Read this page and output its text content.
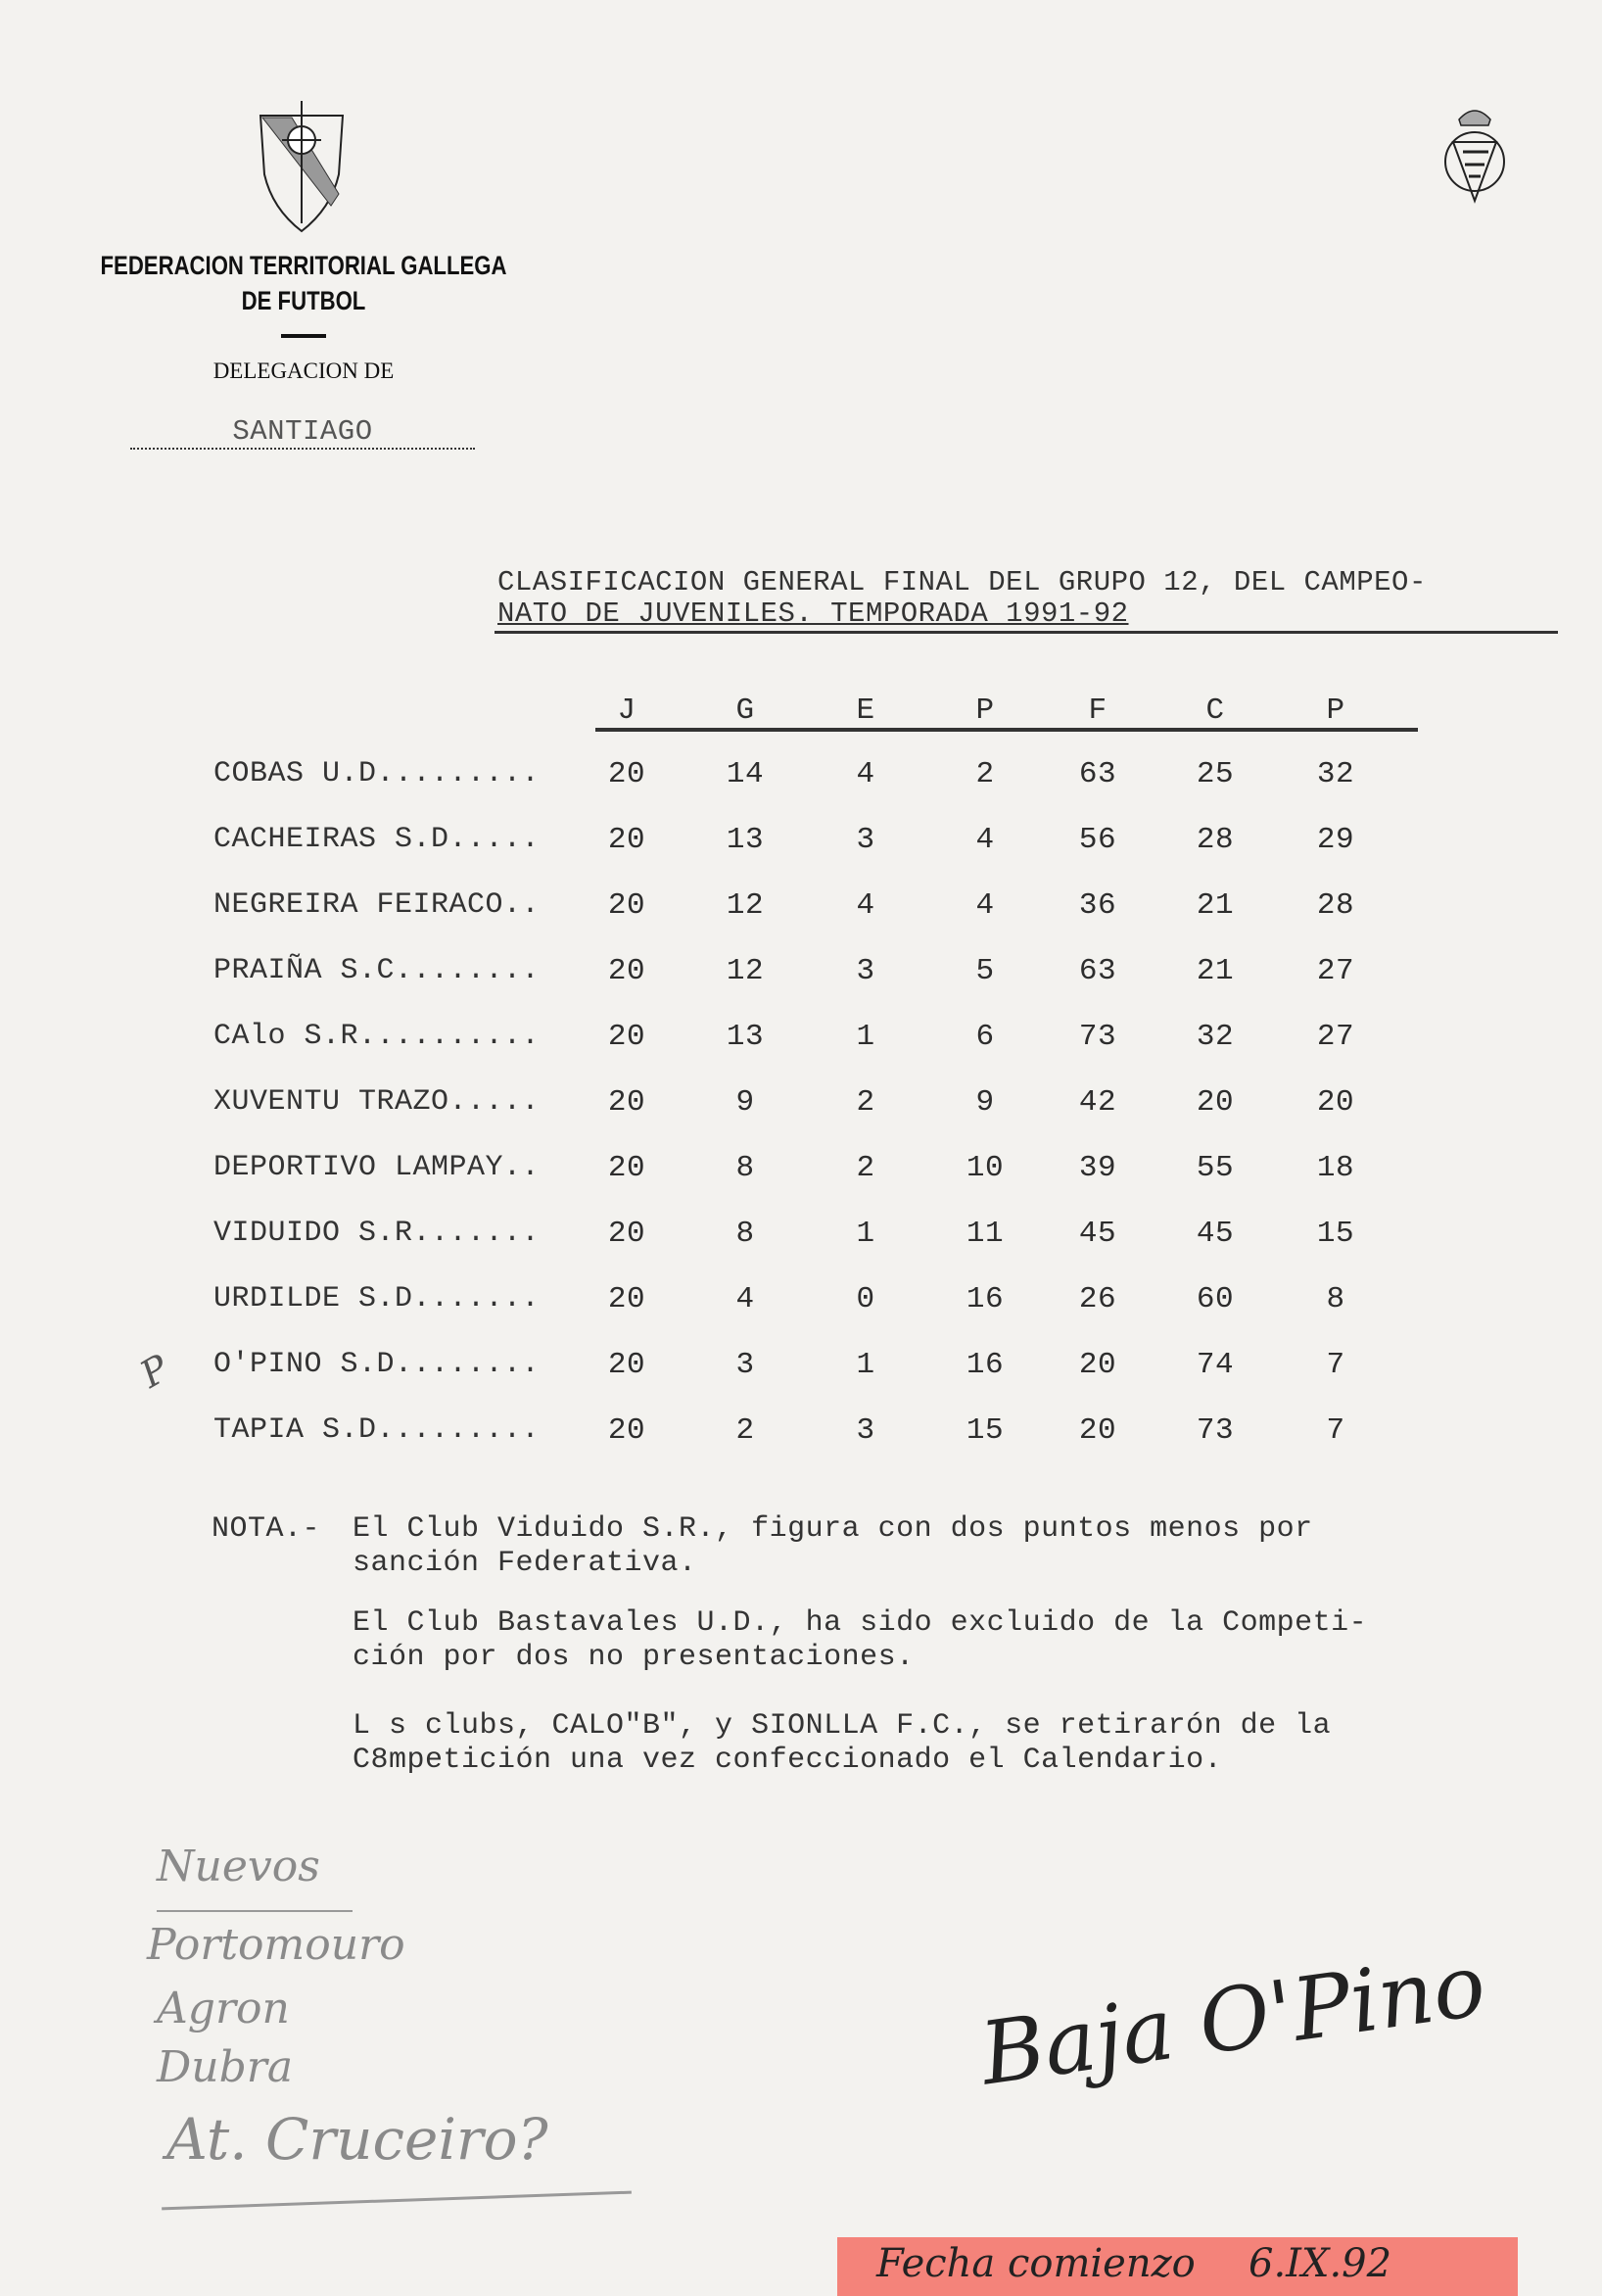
FEDERACION TERRITORIAL GALLEGA
DE FUTBOL
DELEGACION DE
SANTIAGO
CLASIFICACION GENERAL FINAL DEL GRUPO 12, DEL CAMPEO-
NATO DE JUVENILES. TEMPORADA 1991-92
J	G	E	P	F	C	P
COBAS U.D.........	20	14	4	2	63	25	32
CACHEIRAS S.D.....	20	13	3	4	56	28	29
NEGREIRA FEIRACO..	20	12	4	4	36	21	28
PRAIÑA S.C........	20	12	3	5	63	21	27
CAlo S.R..........	20	13	1	6	73	32	27
XUVENTU TRAZO.....	20	9	2	9	42	20	20
DEPORTIVO LAMPAY..	20	8	2	10	39	55	18
VIDUIDO S.R.......	20	8	1	11	45	45	15
URDILDE S.D.......	20	4	0	16	26	60	8
O'PINO S.D........	20	3	1	16	20	74	7
TAPIA S.D.........	20	2	3	15	20	73	7
NOTA.- El Club Viduido S.R., figura con dos puntos menos por
sanción Federativa.
El Club Bastavales U.D., ha sido excluido de la Competi-
ción por dos no presentaciones.
L s clubs, CALO"B", y SIONLLA F.C., se retirarón de la
C8mpetición una vez confeccionado el Calendario.
P
Nuevos
Portomouro
Agron
Dubra
At. Cruceiro?
Baja O'Pino
Fecha comienzo 6.IX.92
